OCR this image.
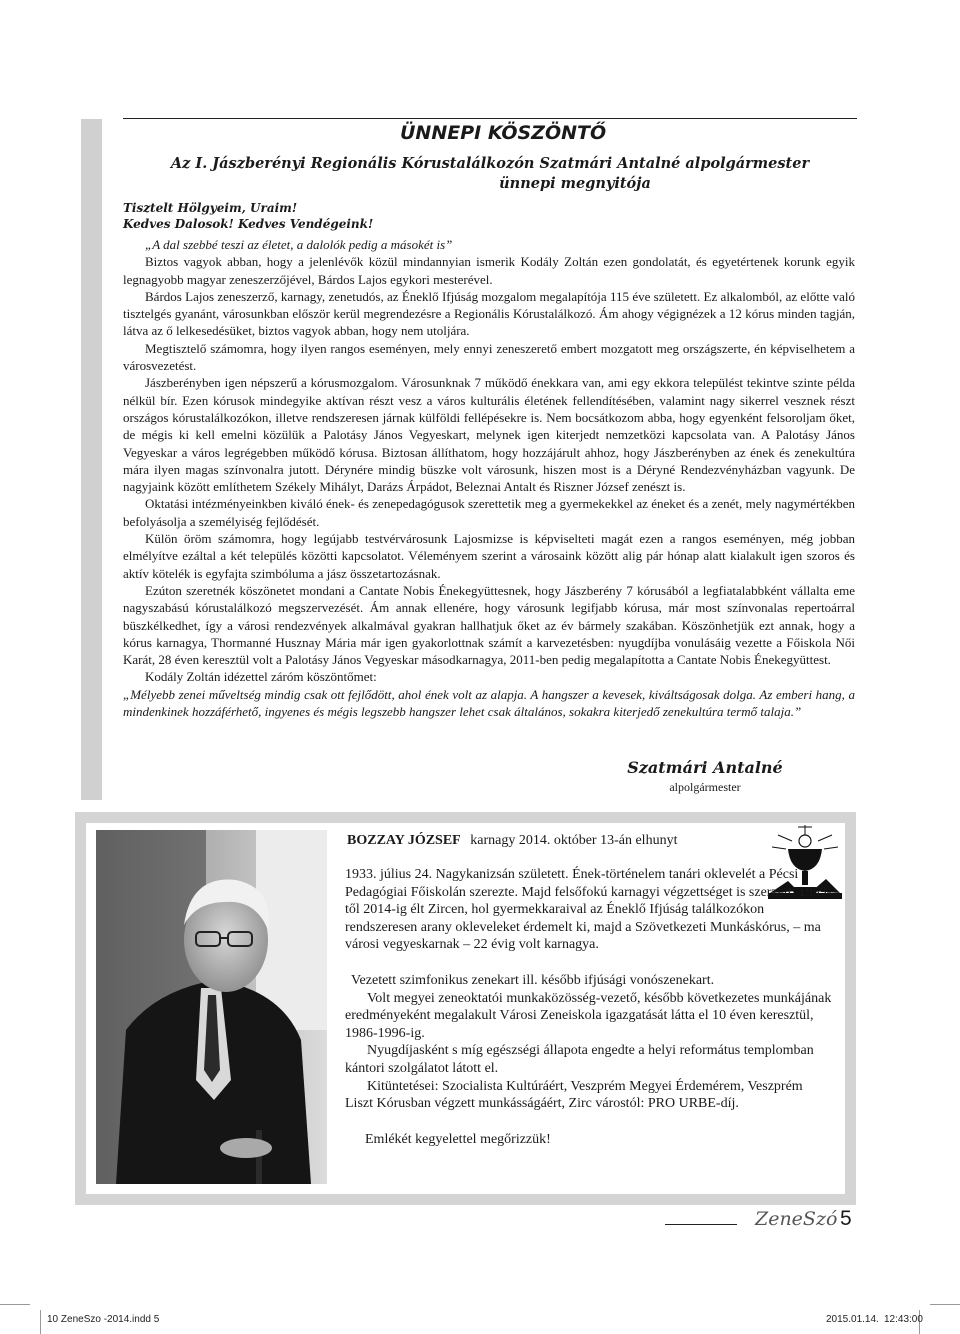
ÜNNEPI KÖSZÖNTŐ
Az I. Jászberényi Regionális Kórustalálkozón Szatmári Antalné alpolgármester
ünnepi megnyitója
Tisztelt Hölgyeim, Uraim!
Kedves Dalosok! Kedves Vendégeink!

„A dal szebbé teszi az életet, a dalolók pedig a másokét is”

Biztos vagyok abban, hogy a jelenlévők közül mindannyian ismerik Kodály Zoltán ezen gondolatát, és egyetértenek korunk egyik legnagyobb magyar zeneszerzőjével, Bárdos Lajos egykori mesterével.

Bárdos Lajos zeneszerző, karnagy, zenetudós, az Éneklő Ifjúság mozgalom megalapítója 115 éve született. Ez alkalomból, az előtte való tisztelgés gyanánt, városunkban először kerül megrendezésre a Regionális Kórustalálkozó. Ám ahogy végignézek a 12 kórus minden tagján, látva az ő lelkesedésüket, biztos vagyok abban, hogy nem utoljára.

Megtisztelő számomra, hogy ilyen rangos eseményen, mely ennyi zeneszerető embert mozgatott meg országszerte, én képviselhetem a városvezetést.

Jászberényben igen népszerű a kórusmozgalom. Városunknak 7 működő énekkara van, ami egy ekkora települést tekintve szinte példa nélkül bír. Ezen kórusok mindegyike aktívan részt vesz a város kulturális életének fellendítésében, valamint nagy sikerrel vesznek részt országos kórustalálkozókon, illetve rendszeresen járnak külföldi fellépésekre is. Nem bocsátkozom abba, hogy egyenként felsoroljam őket, de mégis ki kell emelni közülük a Palotásy János Vegyeskart, melynek igen kiterjedt nemzetközi kapcsolata van. A Palotásy János Vegyeskar a város legrégebben működő kórusa. Biztosan állíthatom, hogy hozzájárult ahhoz, hogy Jászberényben az ének és zenekultúra mára ilyen magas színvonalra jutott. Dérynére mindig büszke volt városunk, hiszen most is a Déryné Rendezvényházban vagyunk. De nagyjaink között említhetem Székely Mihályt, Darázs Árpádot, Beleznai Antalt és Riszner József zenészt is.

Oktatási intézményeinkben kiváló ének- és zenepedagógusok szerettetik meg a gyermekekkel az éneket és a zenét, mely nagymértékben befolyásolja a személyiség fejlődését.

Külön öröm számomra, hogy legújabb testvérvárosunk Lajosmizse is képviselteti magát ezen a rangos eseményen, még jobban elmélyítve ezáltal a két település közötti kapcsolatot. Véleményem szerint a városaink között alig pár hónap alatt kialakult igen szoros és aktív kötelék is egyfajta szimbóluma a jász összetartozásnak.

Ezúton szeretnék köszönetet mondani a Cantate Nobis Énekegyüttesnek, hogy Jászberény 7 kórusából a legfiatalabbként vállalta eme nagyszabású kórustalálkozó megszervezését. Ám annak ellenére, hogy városunk legifjabb kórusa, már most színvonalas repertoárral büszkélkedhet, így a városi rendezvények alkalmával gyakran hallhatjuk őket az év bármely szakában. Köszönhetjük ezt annak, hogy a kórus karnagya, Thormanné Husznay Mária már igen gyakorlottnak számít a karvezetésben: nyugdíjba vonulásáig vezette a Főiskola Női Karát, 28 éven keresztül volt a Palotásy János Vegyeskar másodkarnagya, 2011-ben pedig megalapította a Cantate Nobis Énekegyüttest.

Kodály Zoltán idézettel záróm köszöntőmet:

„Mélyebb zenei műveltség mindig csak ott fejlődött, ahol ének volt az alapja. A hangszer a kevesek, kiváltságosak dolga. Az emberi hang, a mindenkinek hozzáférhető, ingyenes és mégis legszebb hangszer lehet csak általános, sokakra kiterjedő zenekultúra termő talaja.”

Szatmári Antalné
alpolgármester
BOZZAY JÓZSEF karnagy 2014. október 13-án elhunyt

1933. július 24. Nagykanizsán született. Ének-történelem tanári oklevelét a Pécsi Pedagógiai Főiskolán szerezte. Majd felsőfokú karnagyi végzettséget is szerzett. 1959-től 2014-ig élt Zircen, hol gyermekkaraival az Éneklő Ifjúság találkozókon rendszeresen arany okleveleket érdemelt ki, majd a Szövetkezeti Munkáskórus, – ma városi vegyeskarnak – 22 évig volt karnagya.

Vezetett szimfonikus zenekart ill. később ifjúsági vonószenekart.

Volt megyei zeneoktatói munkaközösség-vezető, később következetes munkájának eredményeként megalakult Városi Zeneiskola igazgatását látta el 10 éven keresztül, 1986-1996-ig.

Nyugdíjasként s míg egészségi állapota engedte a helyi református templomban kántori szolgálatot látott el.

Kitüntetései: Szocialista Kultúráért, Veszprém Megyei Érdemérem, Veszprém Liszt Kórusban végzett munkásságáért, Zirc várostól: PRO URBE-díj.

Emlékét kegyelettel megőrizzük!

ZeneSzó 5
10 ZeneSzo -2014.indd 5	2015.01.14. 12:43:00
